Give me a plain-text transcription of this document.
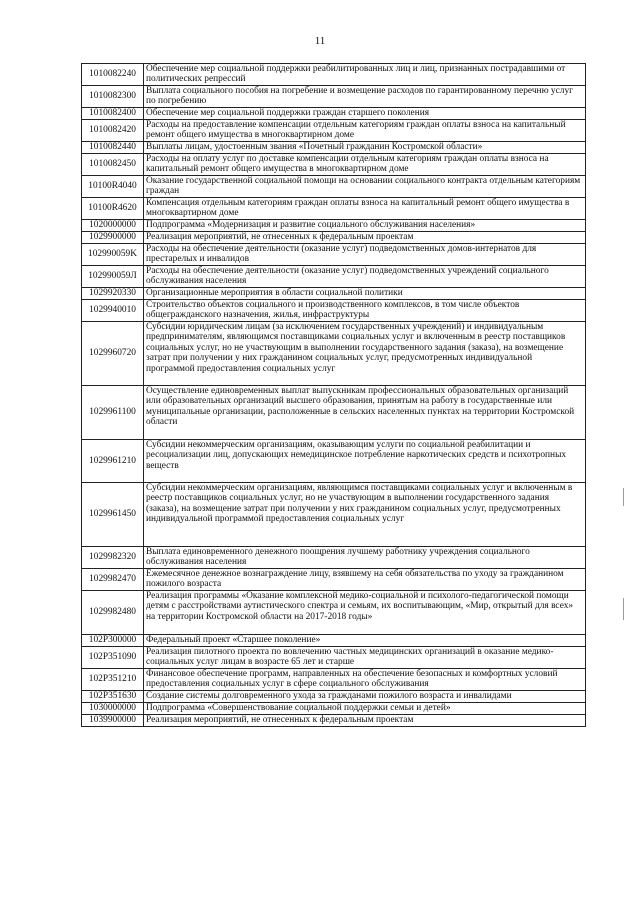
11
1010082240	Обеспечение мер социальной поддержки реабилитированных лиц и лиц, признанных пострадавшими от политических репрессий
1010082300	Выплата социального пособия на погребение и возмещение расходов по гарантированному перечню услуг по погребению
1010082400	Обеспечение мер социальной поддержки граждан старшего поколения
1010082420	Расходы на предоставление компенсации отдельным категориям граждан оплаты взноса на капитальный ремонт общего имущества в многоквартирном доме
1010082440	Выплаты лицам, удостоенным звания «Почетный гражданин Костромской области»
1010082450	Расходы на оплату услуг по доставке компенсации отдельным категориям граждан оплаты взноса на капитальный ремонт общего имущества в многоквартирном доме
10100R4040	Оказание государственной социальной помощи на основании социального контракта отдельным категориям граждан
10100R4620	Компенсация отдельным категориям граждан оплаты взноса на капитальный ремонт общего имущества в многоквартирном доме
1020000000	Подпрограмма «Модернизация и развитие социального обслуживания населения»
1029900000	Реализация мероприятий, не отнесенных к федеральным проектам
102990059K	Расходы на обеспечение деятельности (оказание услуг) подведомственных домов-интернатов для престарелых и инвалидов
102990059Л	Расходы на обеспечение деятельности (оказание услуг) подведомственных учреждений социального обслуживания населения
1029920330	Организационные мероприятия в области социальной политики
1029940010	Строительство объектов социального и производственного комплексов, в том числе объектов общегражданского назначения, жилья, инфраструктуры
1029960720	Субсидии юридическим лицам (за исключением государственных учреждений) и индивидуальным предпринимателям, являющимся поставщиками социальных услуг и включенным в реестр поставщиков социальных услуг, но не участвующим в выполнении государственного задания (заказа), на возмещение затрат при получении у них гражданином социальных услуг, предусмотренных индивидуальной программой предоставления социальных услуг
1029961100	Осуществление единовременных выплат выпускникам профессиональных образовательных организаций или образовательных организаций высшего образования, принятым на работу в государственные или муниципальные организации, расположенные в сельских населенных пунктах на территории Костромской области
1029961210	Субсидии некоммерческим организациям, оказывающим услуги по социальной реабилитации и ресоциализации лиц, допускающих немедицинское потребление наркотических средств и психотропных веществ
1029961450	Субсидии некоммерческим организациям, являющимся поставщиками социальных услуг и включенным в реестр поставщиков социальных услуг, но не участвующим в выполнении государственного задания (заказа), на возмещение затрат при получении у них гражданином социальных услуг, предусмотренных индивидуальной программой предоставления социальных услуг
1029982320	Выплата единовременного денежного поощрения лучшему работнику учреждения социального обслуживания населения
1029982470	Ежемесячное денежное вознаграждение лицу, взявшему на себя обязательства по уходу за гражданином пожилого возраста
1029982480	Реализация программы «Оказание комплексной медико-социальной и психолого-педагогической помощи детям с расстройствами аутистического спектра и семьям, их воспитывающим, «Мир, открытый для всех» на территории Костромской области на 2017-2018 годы»
102P300000	Федеральный проект «Старшее поколение»
102P351090	Реализация пилотного проекта по вовлечению частных медицинских организаций в оказание медико-социальных услуг лицам в возрасте 65 лет и старше
102P351210	Финансовое обеспечение программ, направленных на обеспечение безопасных и комфортных условий предоставления социальных услуг в сфере социального обслуживания
102P351630	Создание системы долговременного ухода за гражданами пожилого возраста и инвалидами
1030000000	Подпрограмма «Совершенствование социальной поддержки семьи и детей»
1039900000	Реализация мероприятий, не отнесенных к федеральным проектам
